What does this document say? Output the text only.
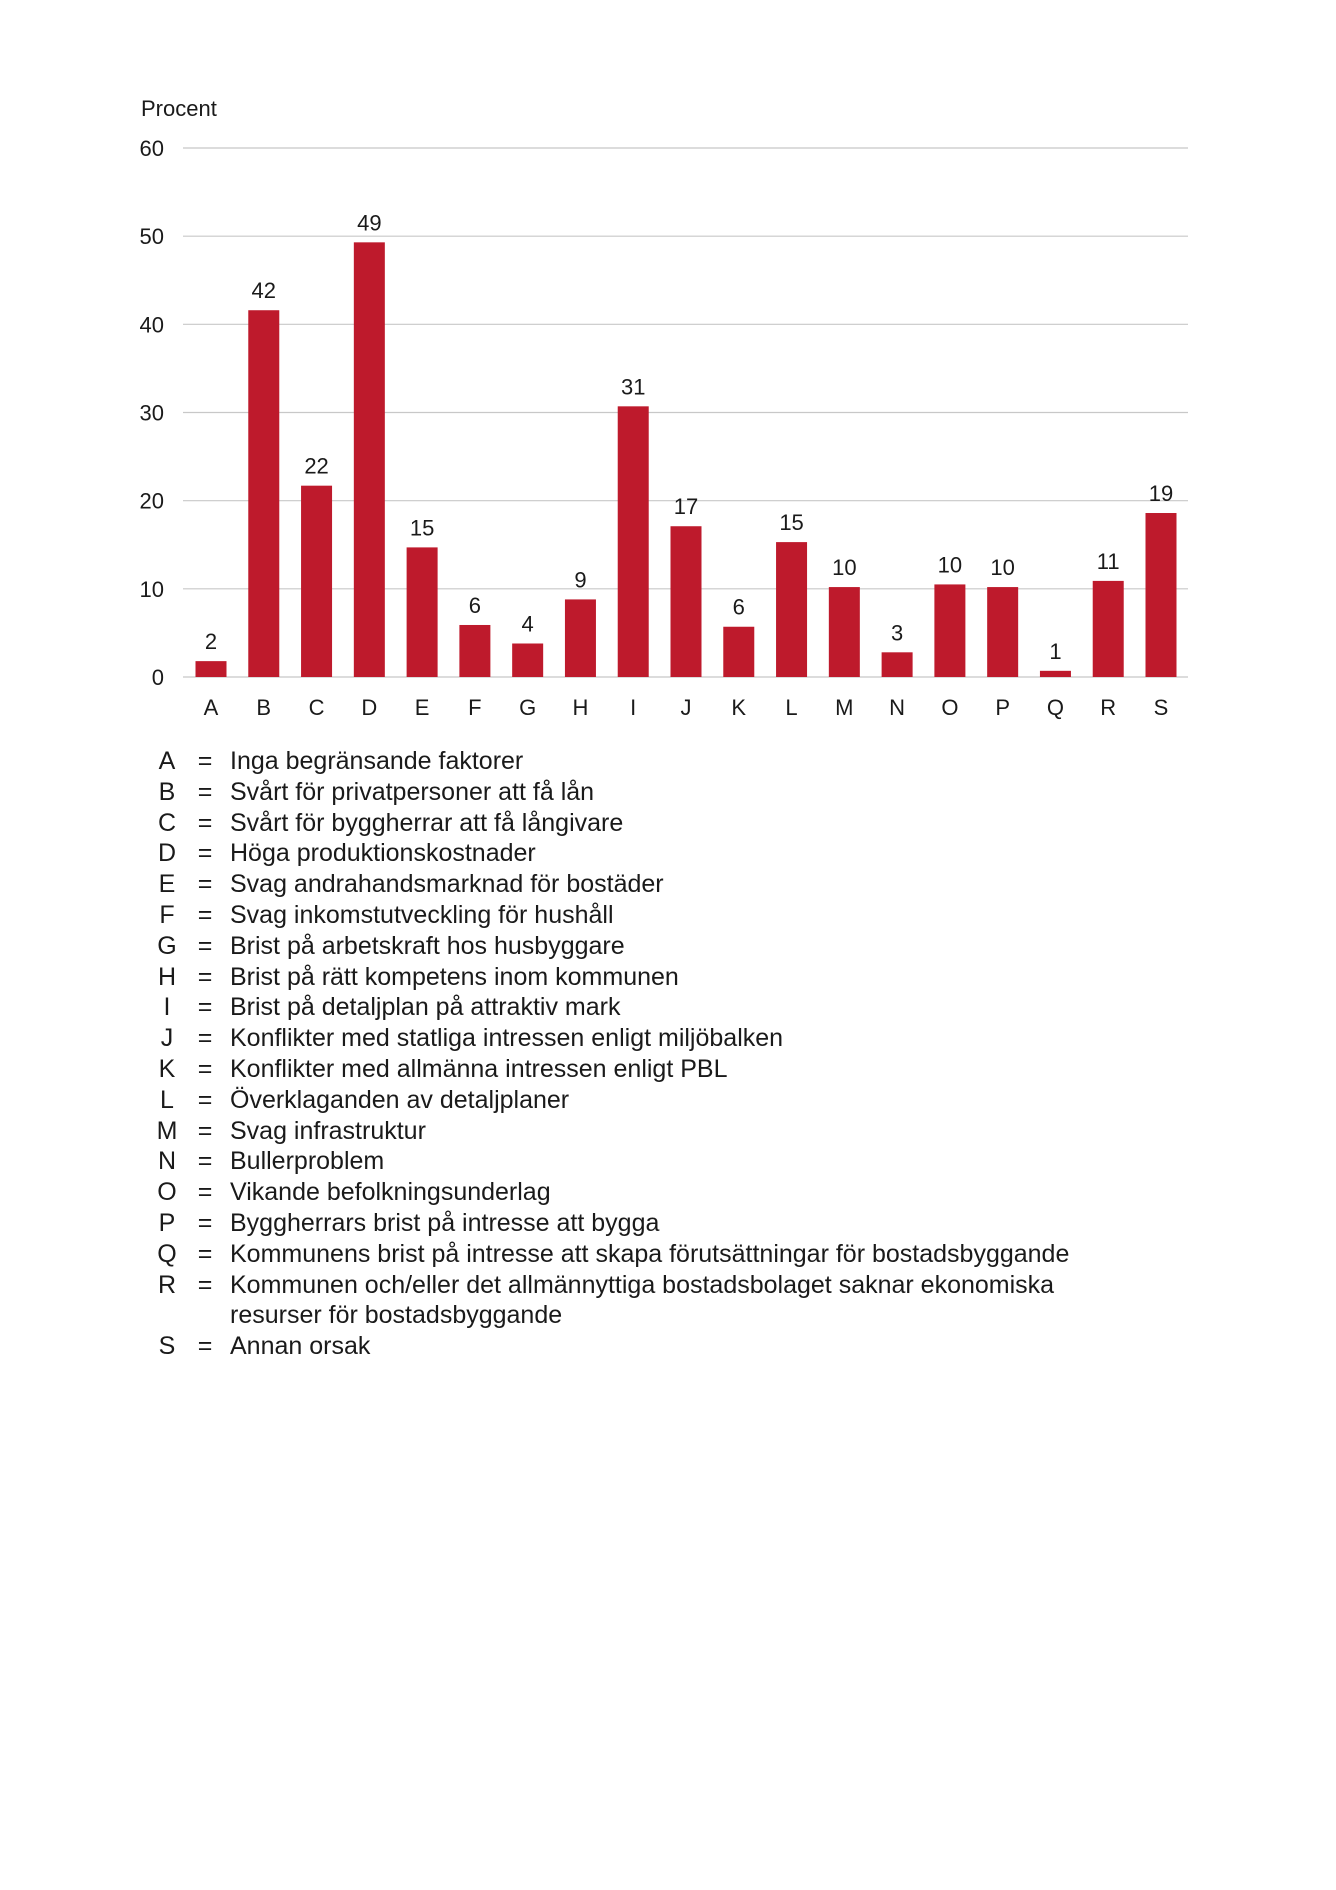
Procent
0
10
20
30
40
50
60
2
42
22
49
15
6
4
9
31
17
6
15
10
3
10 10
1
11
19
A B C D E F G H I J K L M N O P Q R S
A = Inga begränsande faktorer
B = Svårt för privatpersoner att få lån
C = Svårt för byggherrar att få långivare
D = Höga produktionskostnader
E = Svag andrahandsmarknad för bostäder
F = Svag inkomstutveckling för hushåll
G = Brist på arbetskraft hos husbyggare
H = Brist på rätt kompetens inom kommunen
I	= Brist på detaljplan på attraktiv mark
J = Konflikter med statliga intressen enligt miljöbalken
K = Konflikter med allmänna intressen enligt PBL
L = Överklaganden av detaljplaner
M = Svag infrastruktur
N = Bullerproblem
O = Vikande befolkningsunderlag
P = Byggherrars brist på intresse att bygga
Q = Kommunens brist på intresse att skapa förutsättningar för bostadsbyggande
R = Kommunen och/eller det allmännyttiga bostadsbolaget saknar ekonomiska
resurser för bostadsbyggande
S = Annan orsak
